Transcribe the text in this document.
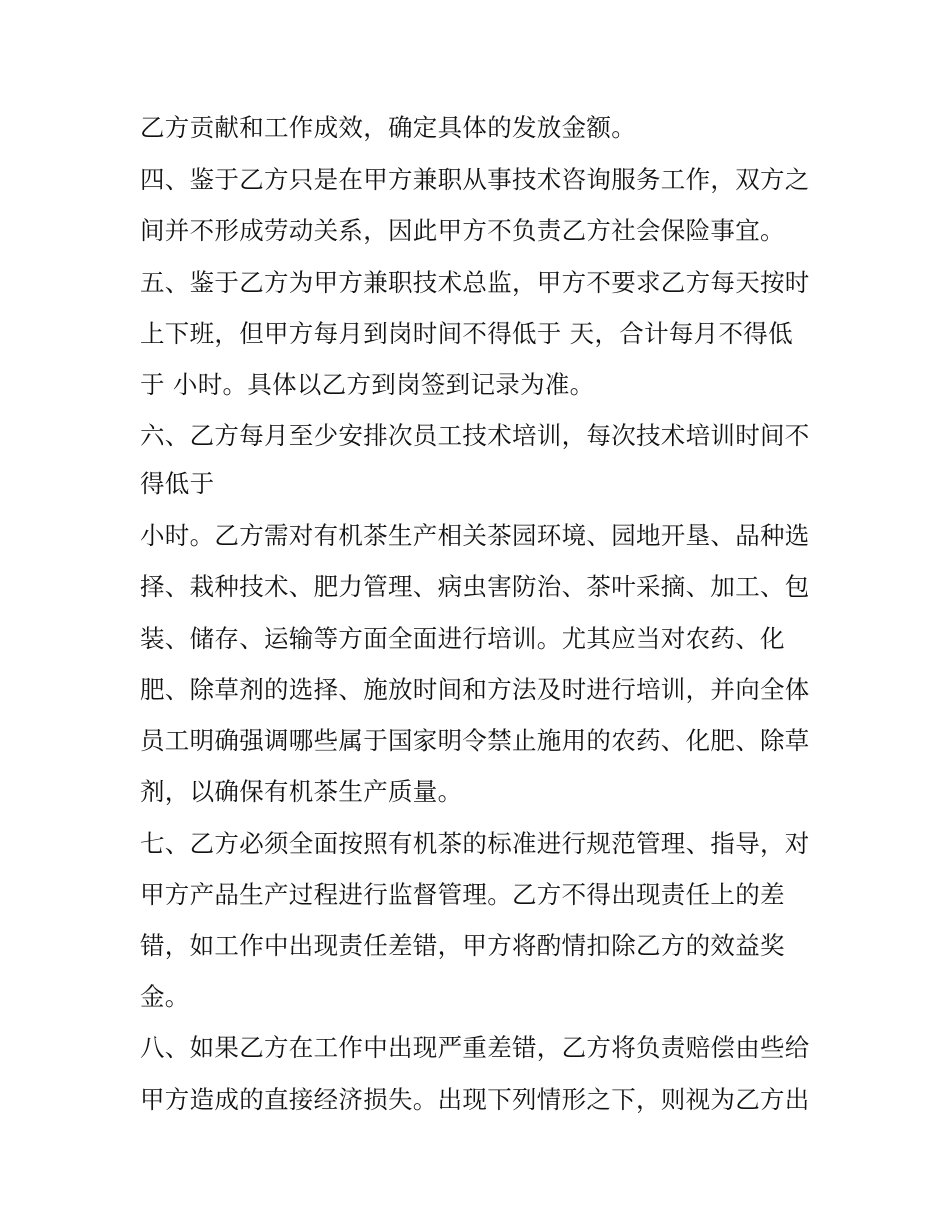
乙方贡献和工作成效，确定具体的发放金额。

四、鉴于乙方只是在甲方兼职从事技术咨询服务工作，双方之

间并不形成劳动关系，因此甲方不负责乙方社会保险事宜。

五、鉴于乙方为甲方兼职技术总监，甲方不要求乙方每天按时

上下班，但甲方每月到岗时间不得低于 天，合计每月不得低

于 小时。具体以乙方到岗签到记录为准。

六、乙方每月至少安排次员工技术培训，每次技术培训时间不

得低于

小时。乙方需对有机茶生产相关茶园环境、园地开垦、品种选

择、栽种技术、肥力管理、病虫害防治、茶叶采摘、加工、包

装、储存、运输等方面全面进行培训。尤其应当对农药、化

肥、除草剂的选择、施放时间和方法及时进行培训，并向全体

员工明确强调哪些属于国家明令禁止施用的农药、化肥、除草

剂，以确保有机茶生产质量。

七、乙方必须全面按照有机茶的标准进行规范管理、指导，对

甲方产品生产过程进行监督管理。乙方不得出现责任上的差

错，如工作中出现责任差错，甲方将酌情扣除乙方的效益奖

金。

八、如果乙方在工作中出现严重差错，乙方将负责赔偿由些给

甲方造成的直接经济损失。出现下列情形之下，则视为乙方出
